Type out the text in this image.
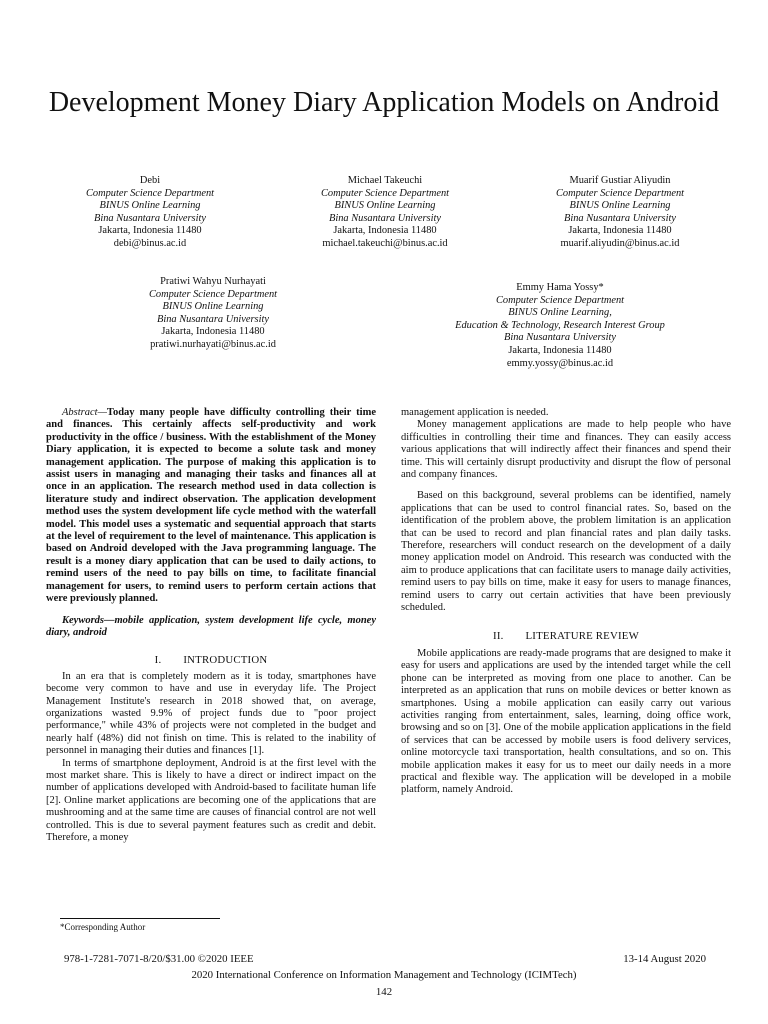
Development Money Diary Application Models on Android
Debi
Computer Science Department
BINUS Online Learning
Bina Nusantara University
Jakarta, Indonesia 11480
debi@binus.ac.id
Michael Takeuchi
Computer Science Department
BINUS Online Learning
Bina Nusantara University
Jakarta, Indonesia 11480
michael.takeuchi@binus.ac.id
Muarif Gustiar Aliyudin
Computer Science Department
BINUS Online Learning
Bina Nusantara University
Jakarta, Indonesia 11480
muarif.aliyudin@binus.ac.id
Pratiwi Wahyu Nurhayati
Computer Science Department
BINUS Online Learning
Bina Nusantara University
Jakarta, Indonesia 11480
pratiwi.nurhayati@binus.ac.id
Emmy Hama Yossy*
Computer Science Department
BINUS Online Learning,
Education & Technology, Research Interest Group
Bina Nusantara University
Jakarta, Indonesia 11480
emmy.yossy@binus.ac.id

Abstract—Today many people have difficulty controlling their time and finances. This certainly affects self-productivity and work productivity in the office / business. With the establishment of the Money Diary application, it is expected to become a solute task and money management application. The purpose of making this application is to assist users in managing and managing their tasks and finances all at once in an application. The research method used in data collection is literature study and indirect observation. The application development method uses the system development life cycle method with the waterfall model. This model uses a systematic and sequential approach that starts at the level of requirement to the level of maintenance. This application is based on Android developed with the Java programming language. The result is a money diary application that can be used to daily actions, to remind users of the need to pay bills on time, to facilitate financial management for users, to remind users to perform certain actions that were previously planned.

Keywords—mobile application, system development life cycle, money diary, android

I.  INTRODUCTION

In an era that is completely modern as it is today, smartphones have become very common to have and use in everyday life. The Project Management Institute's research in 2018 showed that, on average, organizations wasted 9.9% of project funds due to "poor project performance," while 43% of projects were not completed in the budget and nearly half (48%) did not finish on time. This is related to the inability of personnel in managing their duties and finances [1].

In terms of smartphone deployment, Android is at the first level with the most market share. This is likely to have a direct or indirect impact on the number of applications developed with Android-based to facilitate human life [2]. Online market applications are becoming one of the applications that are mushrooming and at the same time are causes of financial control are not well controlled. This is due to several payment features such as credit and debit. Therefore, a money

management application is needed.

Money management applications are made to help people who have difficulties in controlling their time and finances. They can easily access various applications that will indirectly affect their finances and spend their time. This will certainly disrupt productivity and disrupt the flow of personal and company finances.

Based on this background, several problems can be identified, namely applications that can be used to control financial rates. So, based on the identification of the problem above, the problem limitation is an application that can be used to record and plan financial rates and plan daily tasks. Therefore, researchers will conduct research on the development of a daily money application model on Android. This research was conducted with the aim to produce applications that can facilitate users to manage daily activities, remind users to pay bills on time, make it easy for users to manage finances, remind users to carry out certain activities that have been previously scheduled.

II.  LITERATURE REVIEW

Mobile applications are ready-made programs that are designed to make it easy for users and applications are used by the intended target while the cell phone can be interpreted as moving from one place to another. Can be interpreted as an application that runs on mobile devices or better known as smartphones. Using a mobile application can easily carry out various activities ranging from entertainment, sales, learning, doing office work, browsing and so on [3]. One of the mobile application applications in the field of services that can be accessed by mobile users is food delivery services, online motorcycle taxi transportation, health consultations, and so on. This mobile application makes it easy for us to meet our daily needs in a more practical and flexible way. The application will be developed in a mobile platform, namely Android.

*Corresponding Author
978-1-7281-7071-8/20/$31.00 ©2020 IEEE	13-14 August 2020
2020 International Conference on Information Management and Technology (ICIMTech)
142
